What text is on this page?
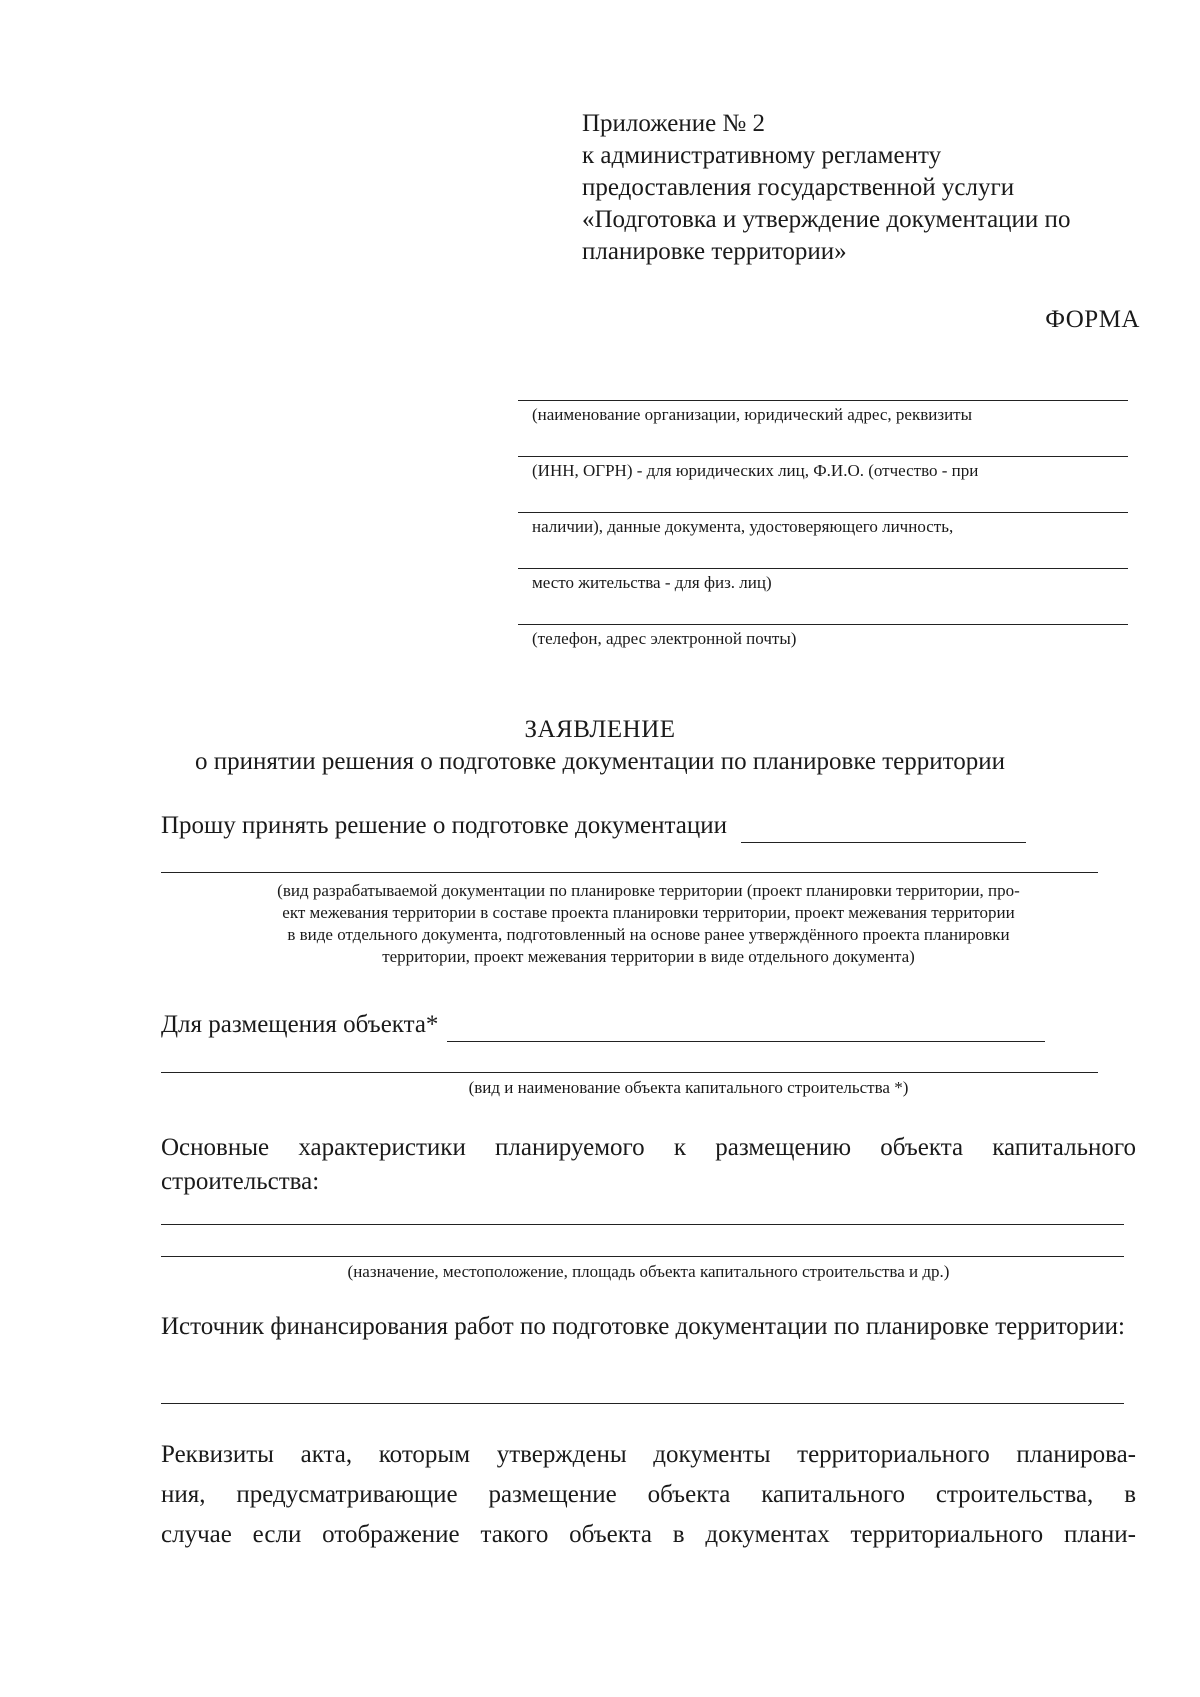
Приложение № 2
к административному регламенту
предоставления государственной услуги
«Подготовка и утверждение документации по
планировке территории»
ФОРМА
(наименование организации, юридический адрес, реквизиты
(ИНН, ОГРН) - для юридических лиц, Ф.И.О. (отчество - при
наличии), данные документа, удостоверяющего личность,
место жительства - для физ. лиц)
(телефон, адрес электронной почты)
ЗАЯВЛЕНИЕ
о принятии решения о подготовке документации по планировке территории
Прошу принять решение о подготовке документации
(вид разрабатываемой документации по планировке территории (проект планировки территории, про-
ект межевания территории в составе проекта планировки территории, проект межевания территории
в виде отдельного документа, подготовленный на основе ранее утверждённого проекта планировки
территории, проект межевания территории в виде отдельного документа)
Для размещения объекта*
(вид и наименование объекта капитального строительства *)
Основные характеристики планируемого к размещению объекта капитального строительства:
(назначение, местоположение, площадь объекта капитального строительства и др.)
Источник финансирования работ по подготовке документации по планировке территории:
Реквизиты акта, которым утверждены документы территориального планирова-
ния, предусматривающие размещение объекта капитального строительства, в
случае если отображение такого объекта в документах территориального плани-
